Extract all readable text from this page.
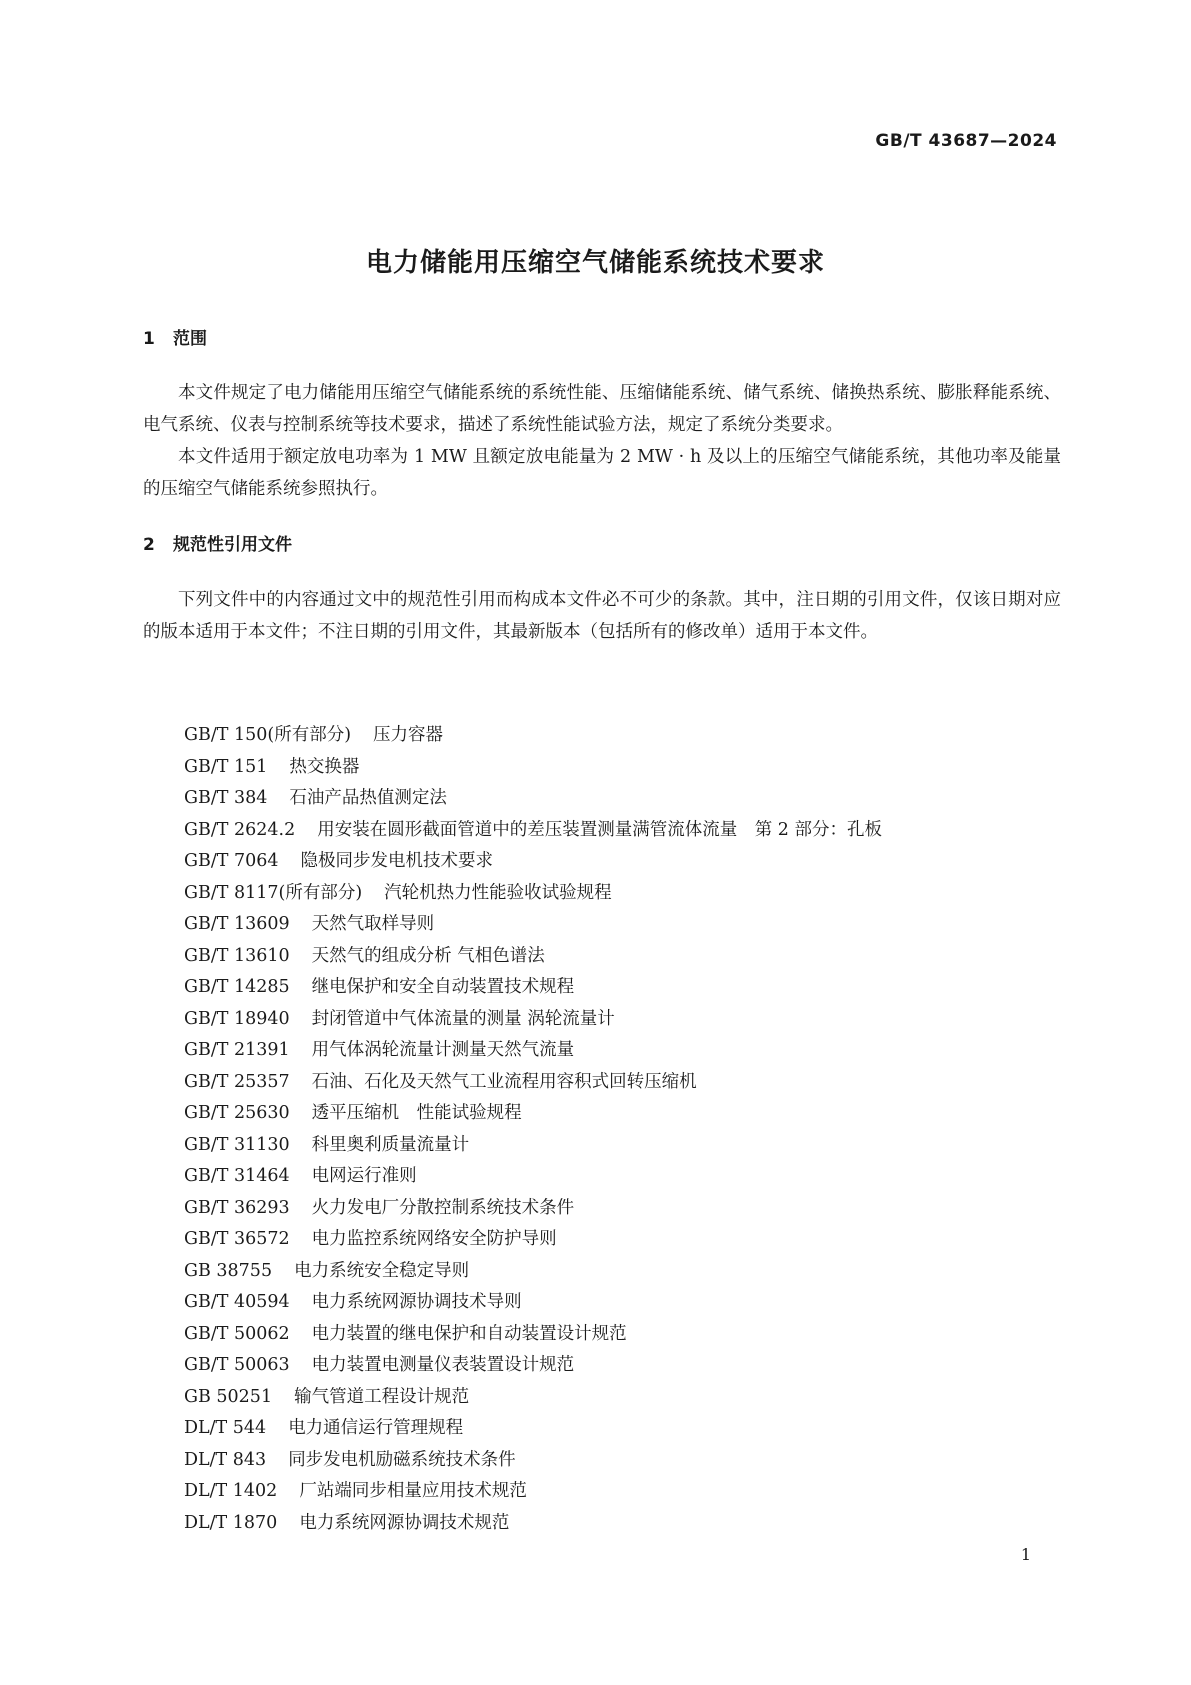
GB/T 43687—2024
电力储能用压缩空气储能系统技术要求
1 范围

本文件规定了电力储能用压缩空气储能系统的系统性能、压缩储能系统、储气系统、储换热系统、膨胀释能系统、电气系统、仪表与控制系统等技术要求，描述了系统性能试验方法，规定了系统分类要求。

本文件适用于额定放电功率为 1 MW 且额定放电能量为 2 MW · h 及以上的压缩空气储能系统，其他功率及能量的压缩空气储能系统参照执行。

2 规范性引用文件

下列文件中的内容通过文中的规范性引用而构成本文件必不可少的条款。其中，注日期的引用文件，仅该日期对应的版本适用于本文件；不注日期的引用文件，其最新版本（包括所有的修改单）适用于本文件。

GB/T 150(所有部分) 压力容器
GB/T 151 热交换器
GB/T 384 石油产品热值测定法
GB/T 2624.2 用安装在圆形截面管道中的差压装置测量满管流体流量　第 2 部分：孔板
GB/T 7064 隐极同步发电机技术要求
GB/T 8117(所有部分) 汽轮机热力性能验收试验规程
GB/T 13609 天然气取样导则
GB/T 13610 天然气的组成分析 气相色谱法
GB/T 14285 继电保护和安全自动装置技术规程
GB/T 18940 封闭管道中气体流量的测量 涡轮流量计
GB/T 21391 用气体涡轮流量计测量天然气流量
GB/T 25357 石油、石化及天然气工业流程用容积式回转压缩机
GB/T 25630 透平压缩机　性能试验规程
GB/T 31130 科里奥利质量流量计
GB/T 31464 电网运行准则
GB/T 36293 火力发电厂分散控制系统技术条件
GB/T 36572 电力监控系统网络安全防护导则
GB 38755 电力系统安全稳定导则
GB/T 40594 电力系统网源协调技术导则
GB/T 50062 电力装置的继电保护和自动装置设计规范
GB/T 50063 电力装置电测量仪表装置设计规范
GB 50251 输气管道工程设计规范
DL/T 544 电力通信运行管理规程
DL/T 843 同步发电机励磁系统技术条件
DL/T 1402 厂站端同步相量应用技术规范
DL/T 1870 电力系统网源协调技术规范
1
